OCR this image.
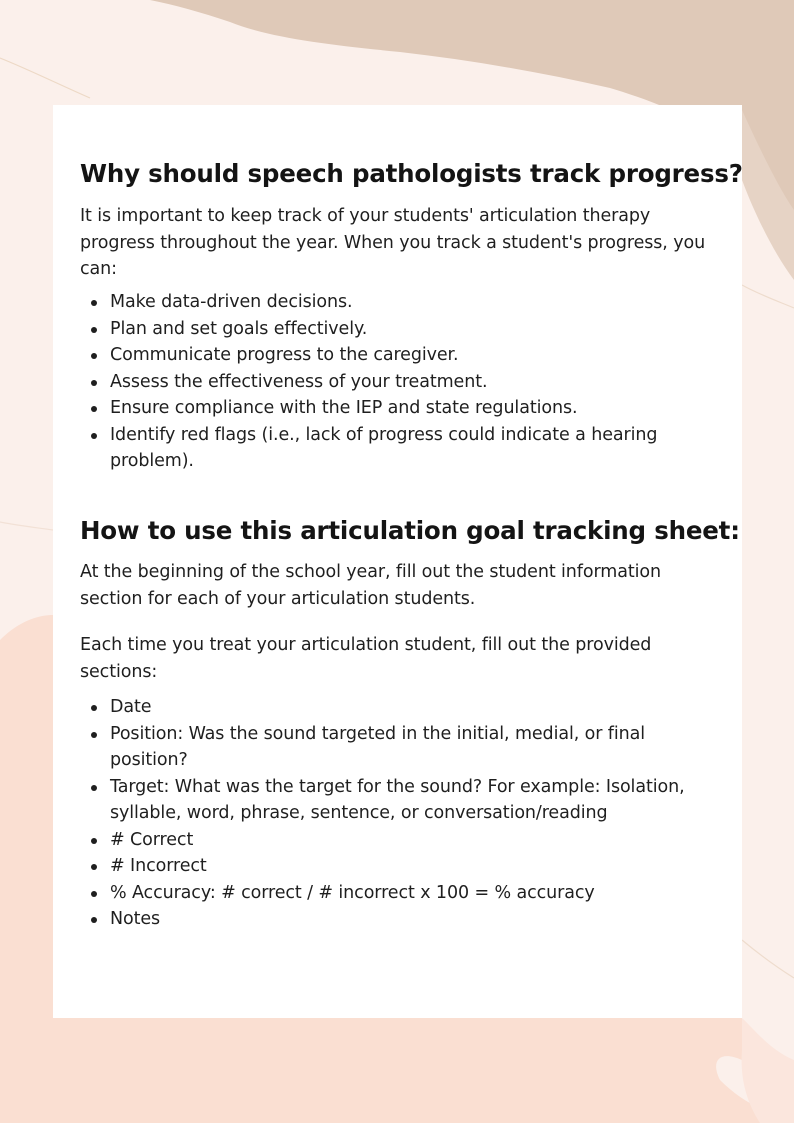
Why should speech pathologists track progress?

It is important to keep track of your students' articulation therapy progress throughout the year. When you track a student's progress, you can:

Make data-driven decisions.
Plan and set goals effectively.
Communicate progress to the caregiver.
Assess the effectiveness of your treatment.
Ensure compliance with the IEP and state regulations.
Identify red flags (i.e., lack of progress could indicate a hearing problem).
How to use this articulation goal tracking sheet:

At the beginning of the school year, fill out the student information section for each of your articulation students.

Each time you treat your articulation student, fill out the provided sections:

Date
Position: Was the sound targeted in the initial, medial, or final position?
Target: What was the target for the sound? For example: Isolation, syllable, word, phrase, sentence, or conversation/reading
# Correct
# Incorrect
% Accuracy: # correct / # incorrect x 100 = % accuracy
Notes
